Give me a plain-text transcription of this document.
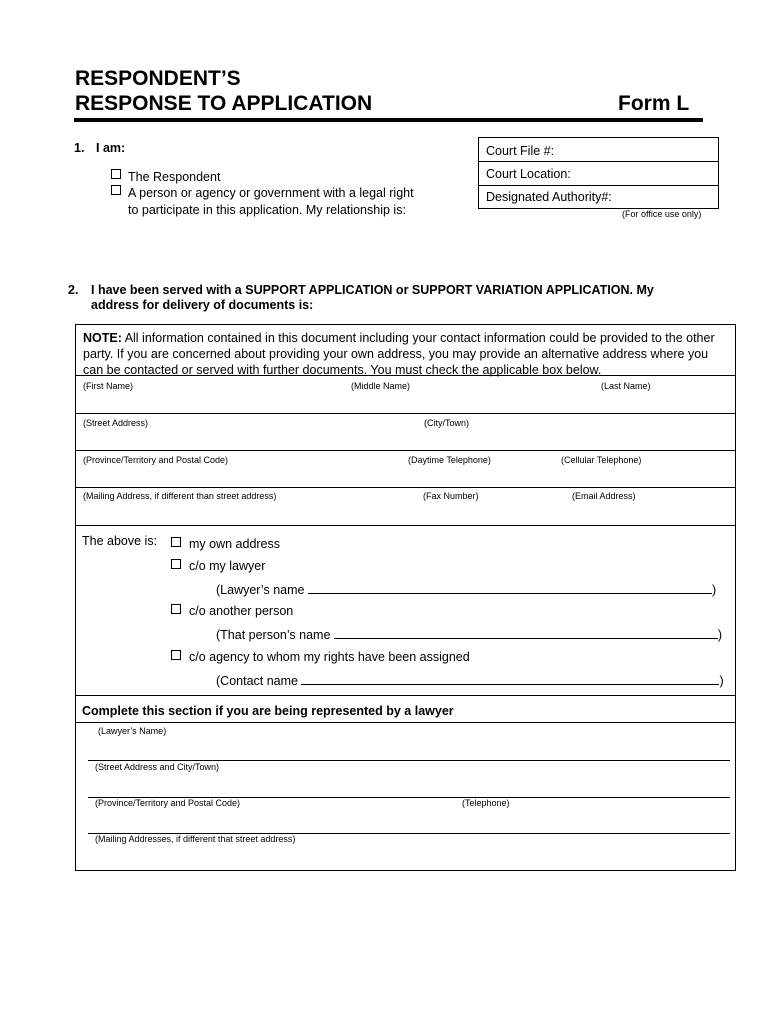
RESPONDENT’S
RESPONSE TO APPLICATION	Form L
1. I am:
The Respondent
A person or agency or government with a legal right
to participate in this application. My relationship is:
Court File #:
Court Location:
Designated Authority#:
(For office use only)
2. I have been served with a SUPPORT APPLICATION or SUPPORT VARIATION APPLICATION. My
address for delivery of documents is:
NOTE: All information contained in this document including your contact information could be provided to the other
party. If you are concerned about providing your own address, you may provide an alternative address where you
can be contacted or served with further documents. You must check the applicable box below.
(First Name)	(Middle Name)	(Last Name)
(Street Address)	(City/Town)
(Province/Territory and Postal Code)	(Daytime Telephone)	(Cellular Telephone)
(Mailing Address, if different than street address)	(Fax Number)	(Email Address)
The above is:	my own address
c/o my lawyer
(Lawyer’s name	)
c/o another person
(That person’s name	)
c/o agency to whom my rights have been assigned
(Contact name	)
Complete this section if you are being represented by a lawyer
(Lawyer’s Name)
(Street Address and City/Town)
(Province/Territory and Postal Code)	(Telephone)
(Mailing Addresses, if different that street address)
